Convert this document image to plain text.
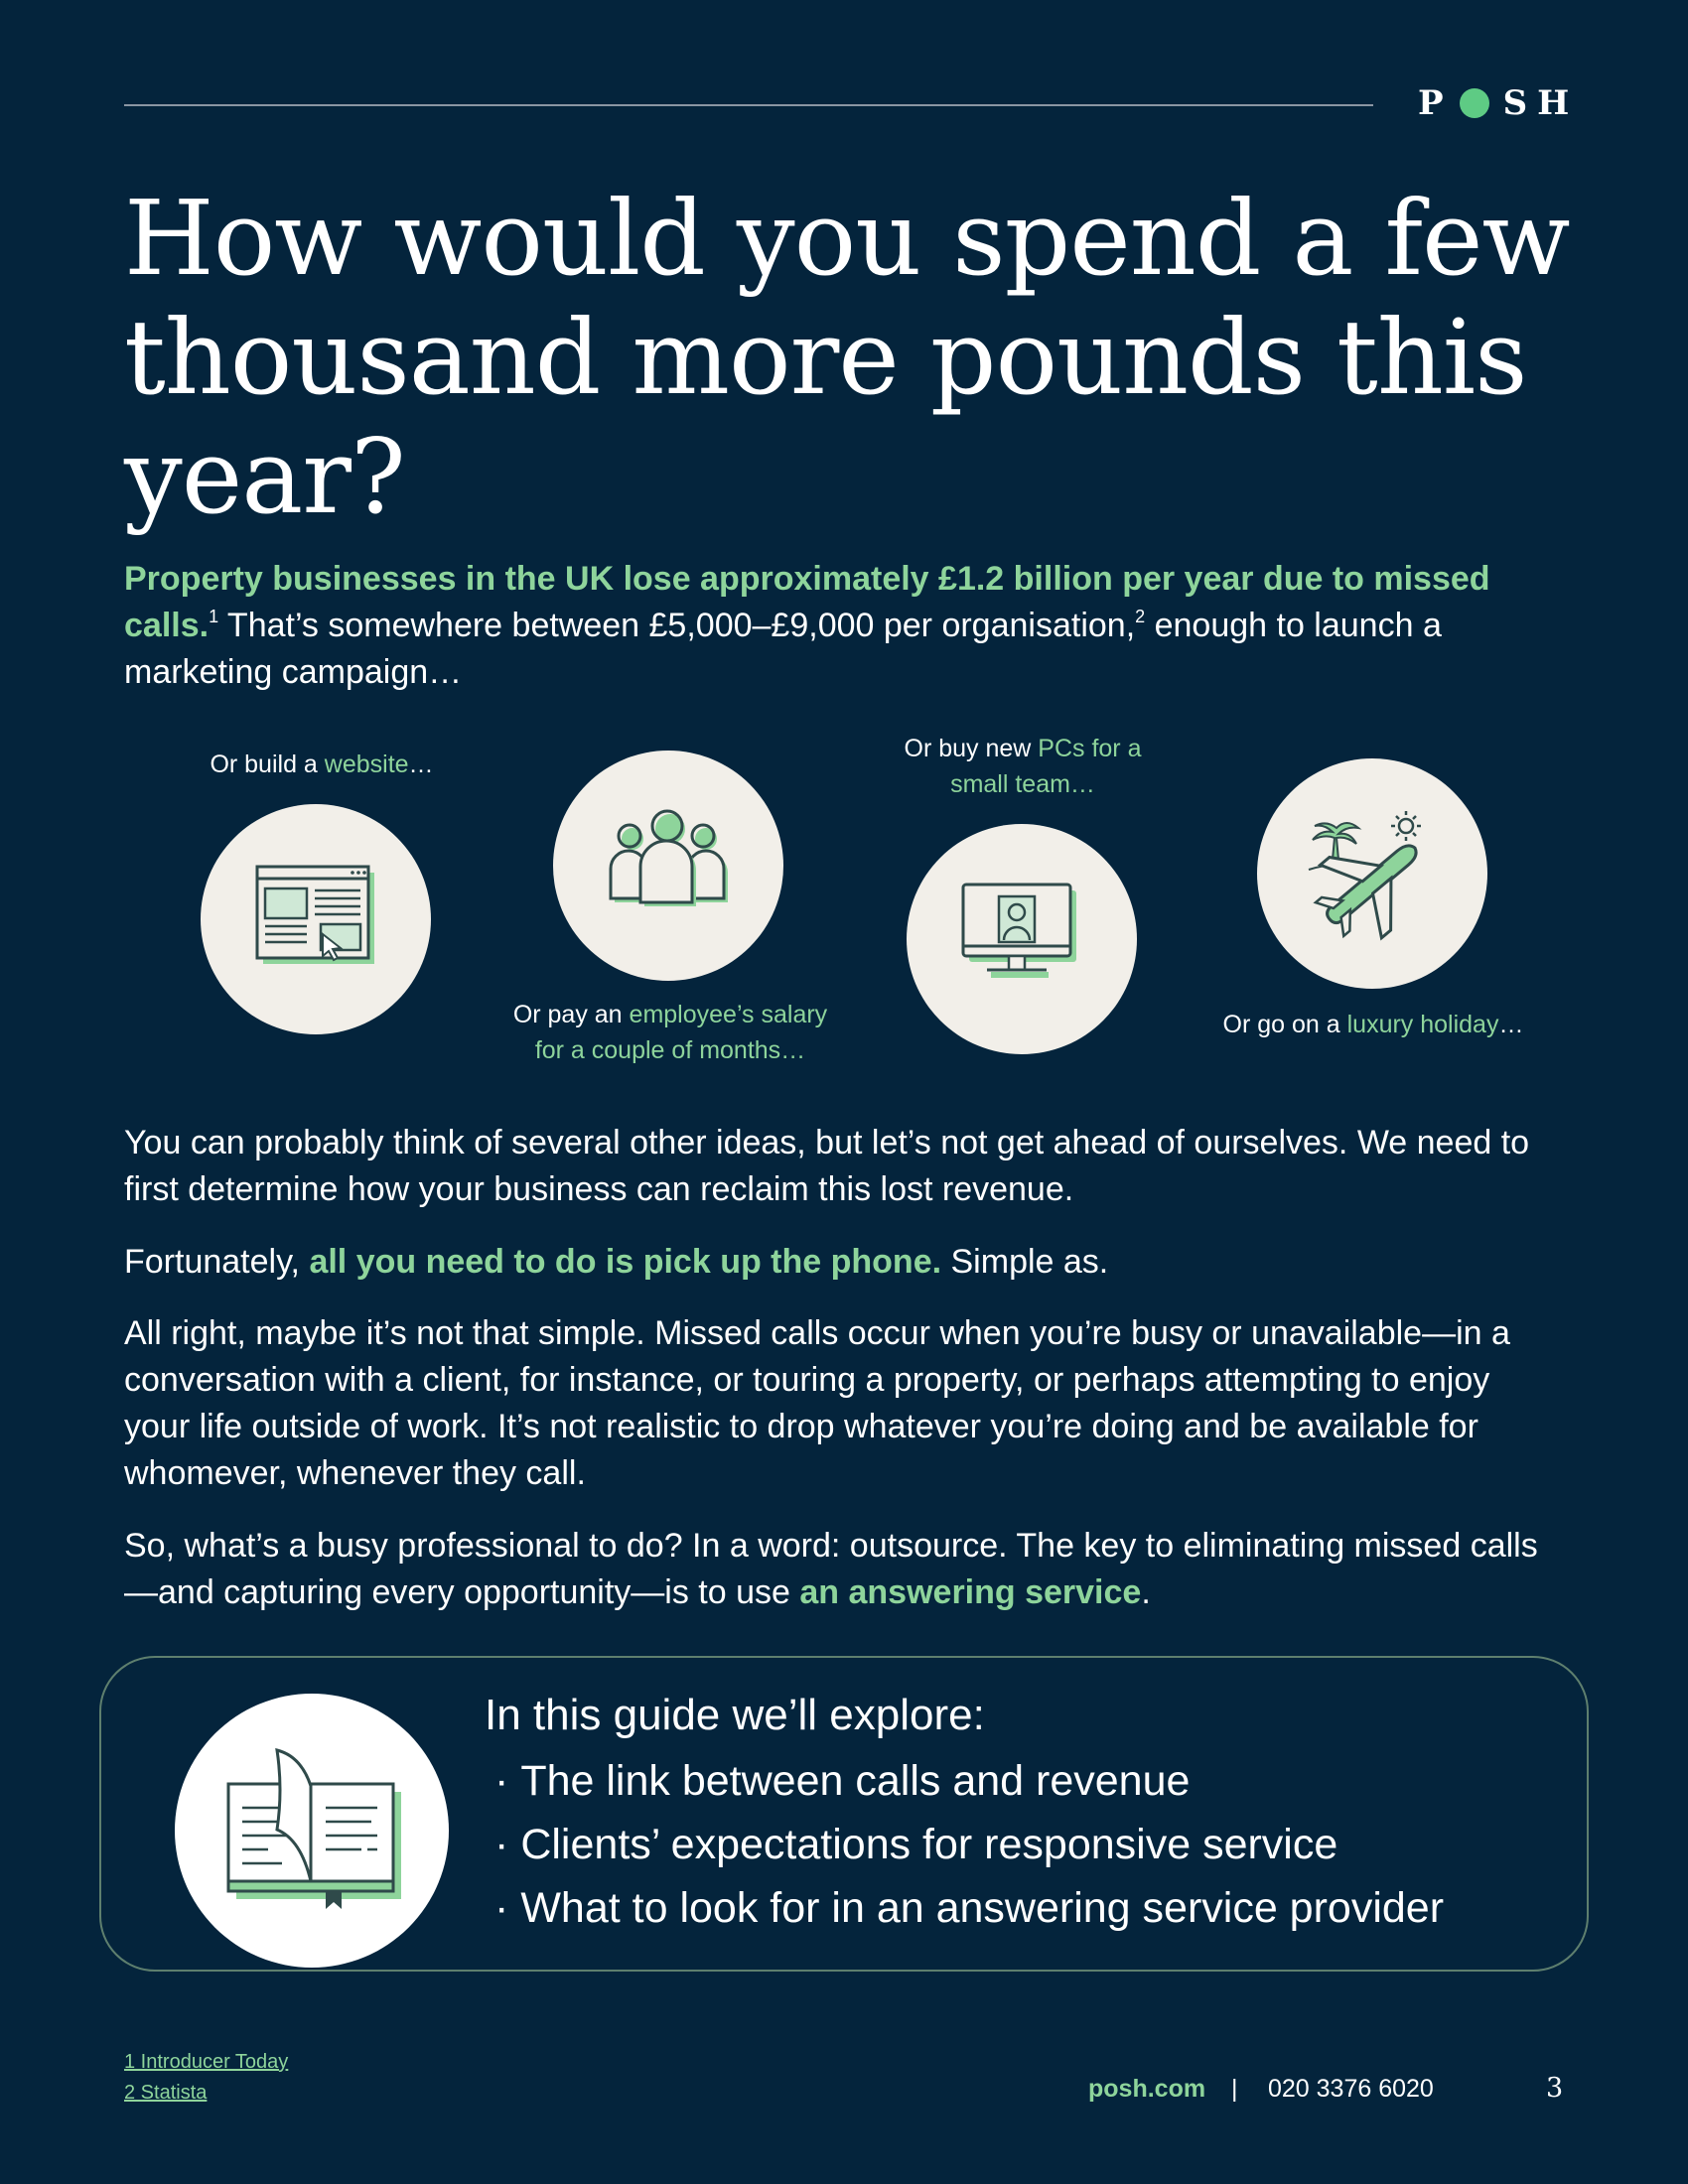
P SH
How would you spend a few thousand more pounds this year?

Property businesses in the UK lose approximately £1.2 billion per year due to missed calls.$^1$ That’s somewhere between £5,000–£9,000 per organisation,$^2$ enough to launch a marketing campaign…

Or build a website…
Or pay an employee’s salary
for a couple of months…
Or buy new PCs for a
small team…
Or go on a luxury holiday…

You can probably think of several other ideas, but let’s not get ahead of ourselves. We need to first determine how your business can reclaim this lost revenue.

Fortunately, all you need to do is pick up the phone. Simple as.

All right, maybe it’s not that simple. Missed calls occur when you’re busy or unavailable—in a conversation with a client, for instance, or touring a property, or perhaps attempting to enjoy your life outside of work. It’s not realistic to drop whatever you’re doing and be available for whomever, whenever they call.

So, what’s a busy professional to do? In a word: outsource. The key to eliminating missed calls—and capturing every opportunity—is to use an answering service.

In this guide we’ll explore:
· The link between calls and revenue
· Clients’ expectations for responsive service
· What to look for in an answering service provider
1 Introducer Today
2 Statista	posh.com | 020 3376 6020	3
